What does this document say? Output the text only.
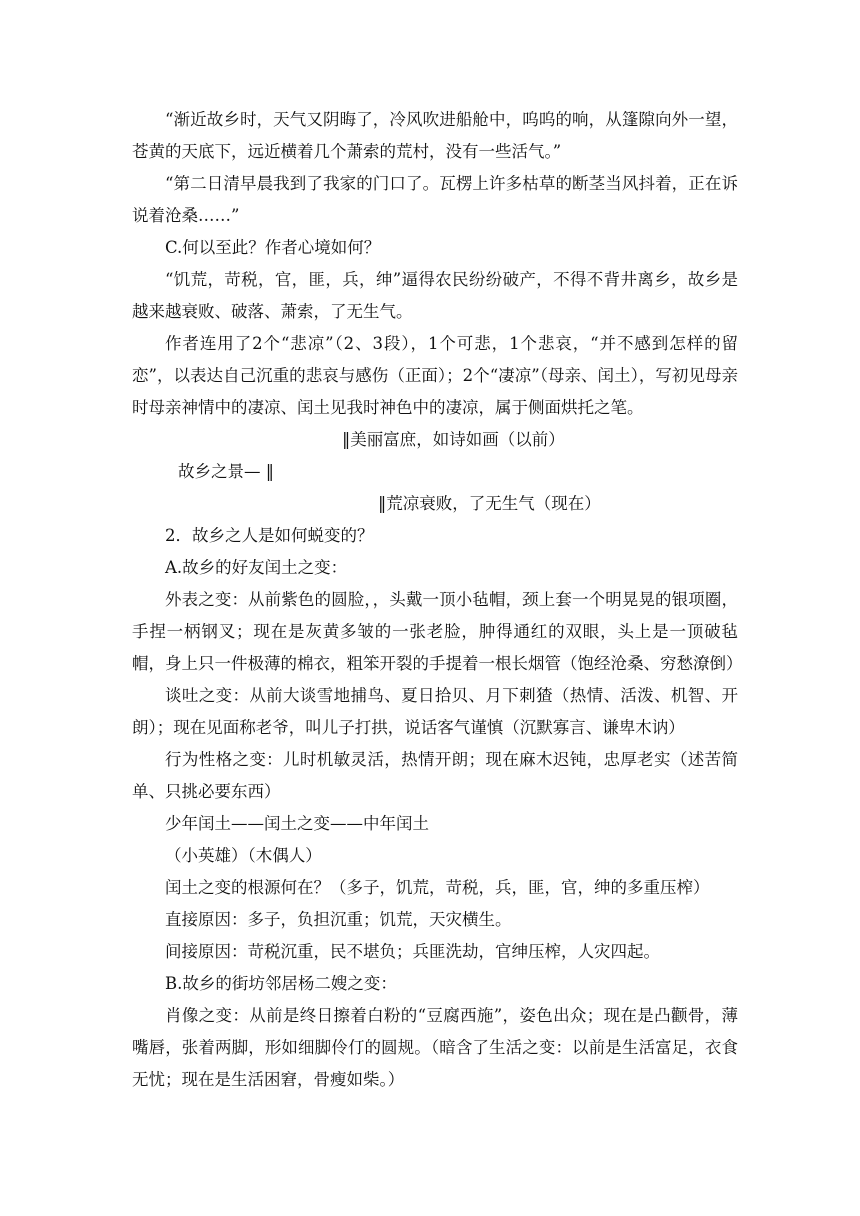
“渐近故乡时，天气又阴晦了，冷风吹进船舱中，呜呜的响，从篷隙向外一望，苍黄的天底下，远近横着几个萧索的荒村，没有一些活气。”

“第二日清早晨我到了我家的门口了。瓦楞上许多枯草的断茎当风抖着，正在诉说着沧桑……”

C.何以至此？作者心境如何？

“饥荒，苛税，官，匪，兵，绅”逼得农民纷纷破产，不得不背井离乡，故乡是越来越衰败、破落、萧索，了无生气。

作者连用了2个“悲凉”（2、3段），1个可悲，1个悲哀，“并不感到怎样的留恋”，以表达自己沉重的悲哀与感伤（正面）；2个“凄凉”（母亲、闰土），写初见母亲时母亲神情中的凄凉、闰土见我时神色中的凄凉，属于侧面烘托之笔。

‖美丽富庶，如诗如画（以前）
故乡之景— ‖
‖荒凉衰败，了无生气（现在）

2．故乡之人是如何蜕变的？

A.故乡的好友闰土之变：

外表之变：从前紫色的圆脸，，头戴一顶小毡帽，颈上套一个明晃晃的银项圈，手捏一柄钢叉；现在是灰黄多皱的一张老脸，肿得通红的双眼，头上是一顶破毡帽，身上只一件极薄的棉衣，粗笨开裂的手提着一根长烟管（饱经沧桑、穷愁潦倒）

谈吐之变：从前大谈雪地捕鸟、夏日拾贝、月下刺猹（热情、活泼、机智、开朗）；现在见面称老爷，叫儿子打拱，说话客气谨慎（沉默寡言、谦卑木讷）

行为性格之变：儿时机敏灵活，热情开朗；现在麻木迟钝，忠厚老实（述苦简单、只挑必要东西）

少年闰土——闰土之变——中年闰土

（小英雄）（木偶人）

闰土之变的根源何在？（多子，饥荒，苛税，兵，匪，官，绅的多重压榨）

直接原因：多子，负担沉重；饥荒，天灾横生。

间接原因：苛税沉重，民不堪负；兵匪洗劫，官绅压榨，人灾四起。

B.故乡的街坊邻居杨二嫂之变：

肖像之变：从前是终日擦着白粉的“豆腐西施”，姿色出众；现在是凸颧骨，薄嘴唇，张着两脚，形如细脚伶仃的圆规。（暗含了生活之变：以前是生活富足，衣食无忧；现在是生活困窘，骨瘦如柴。）
